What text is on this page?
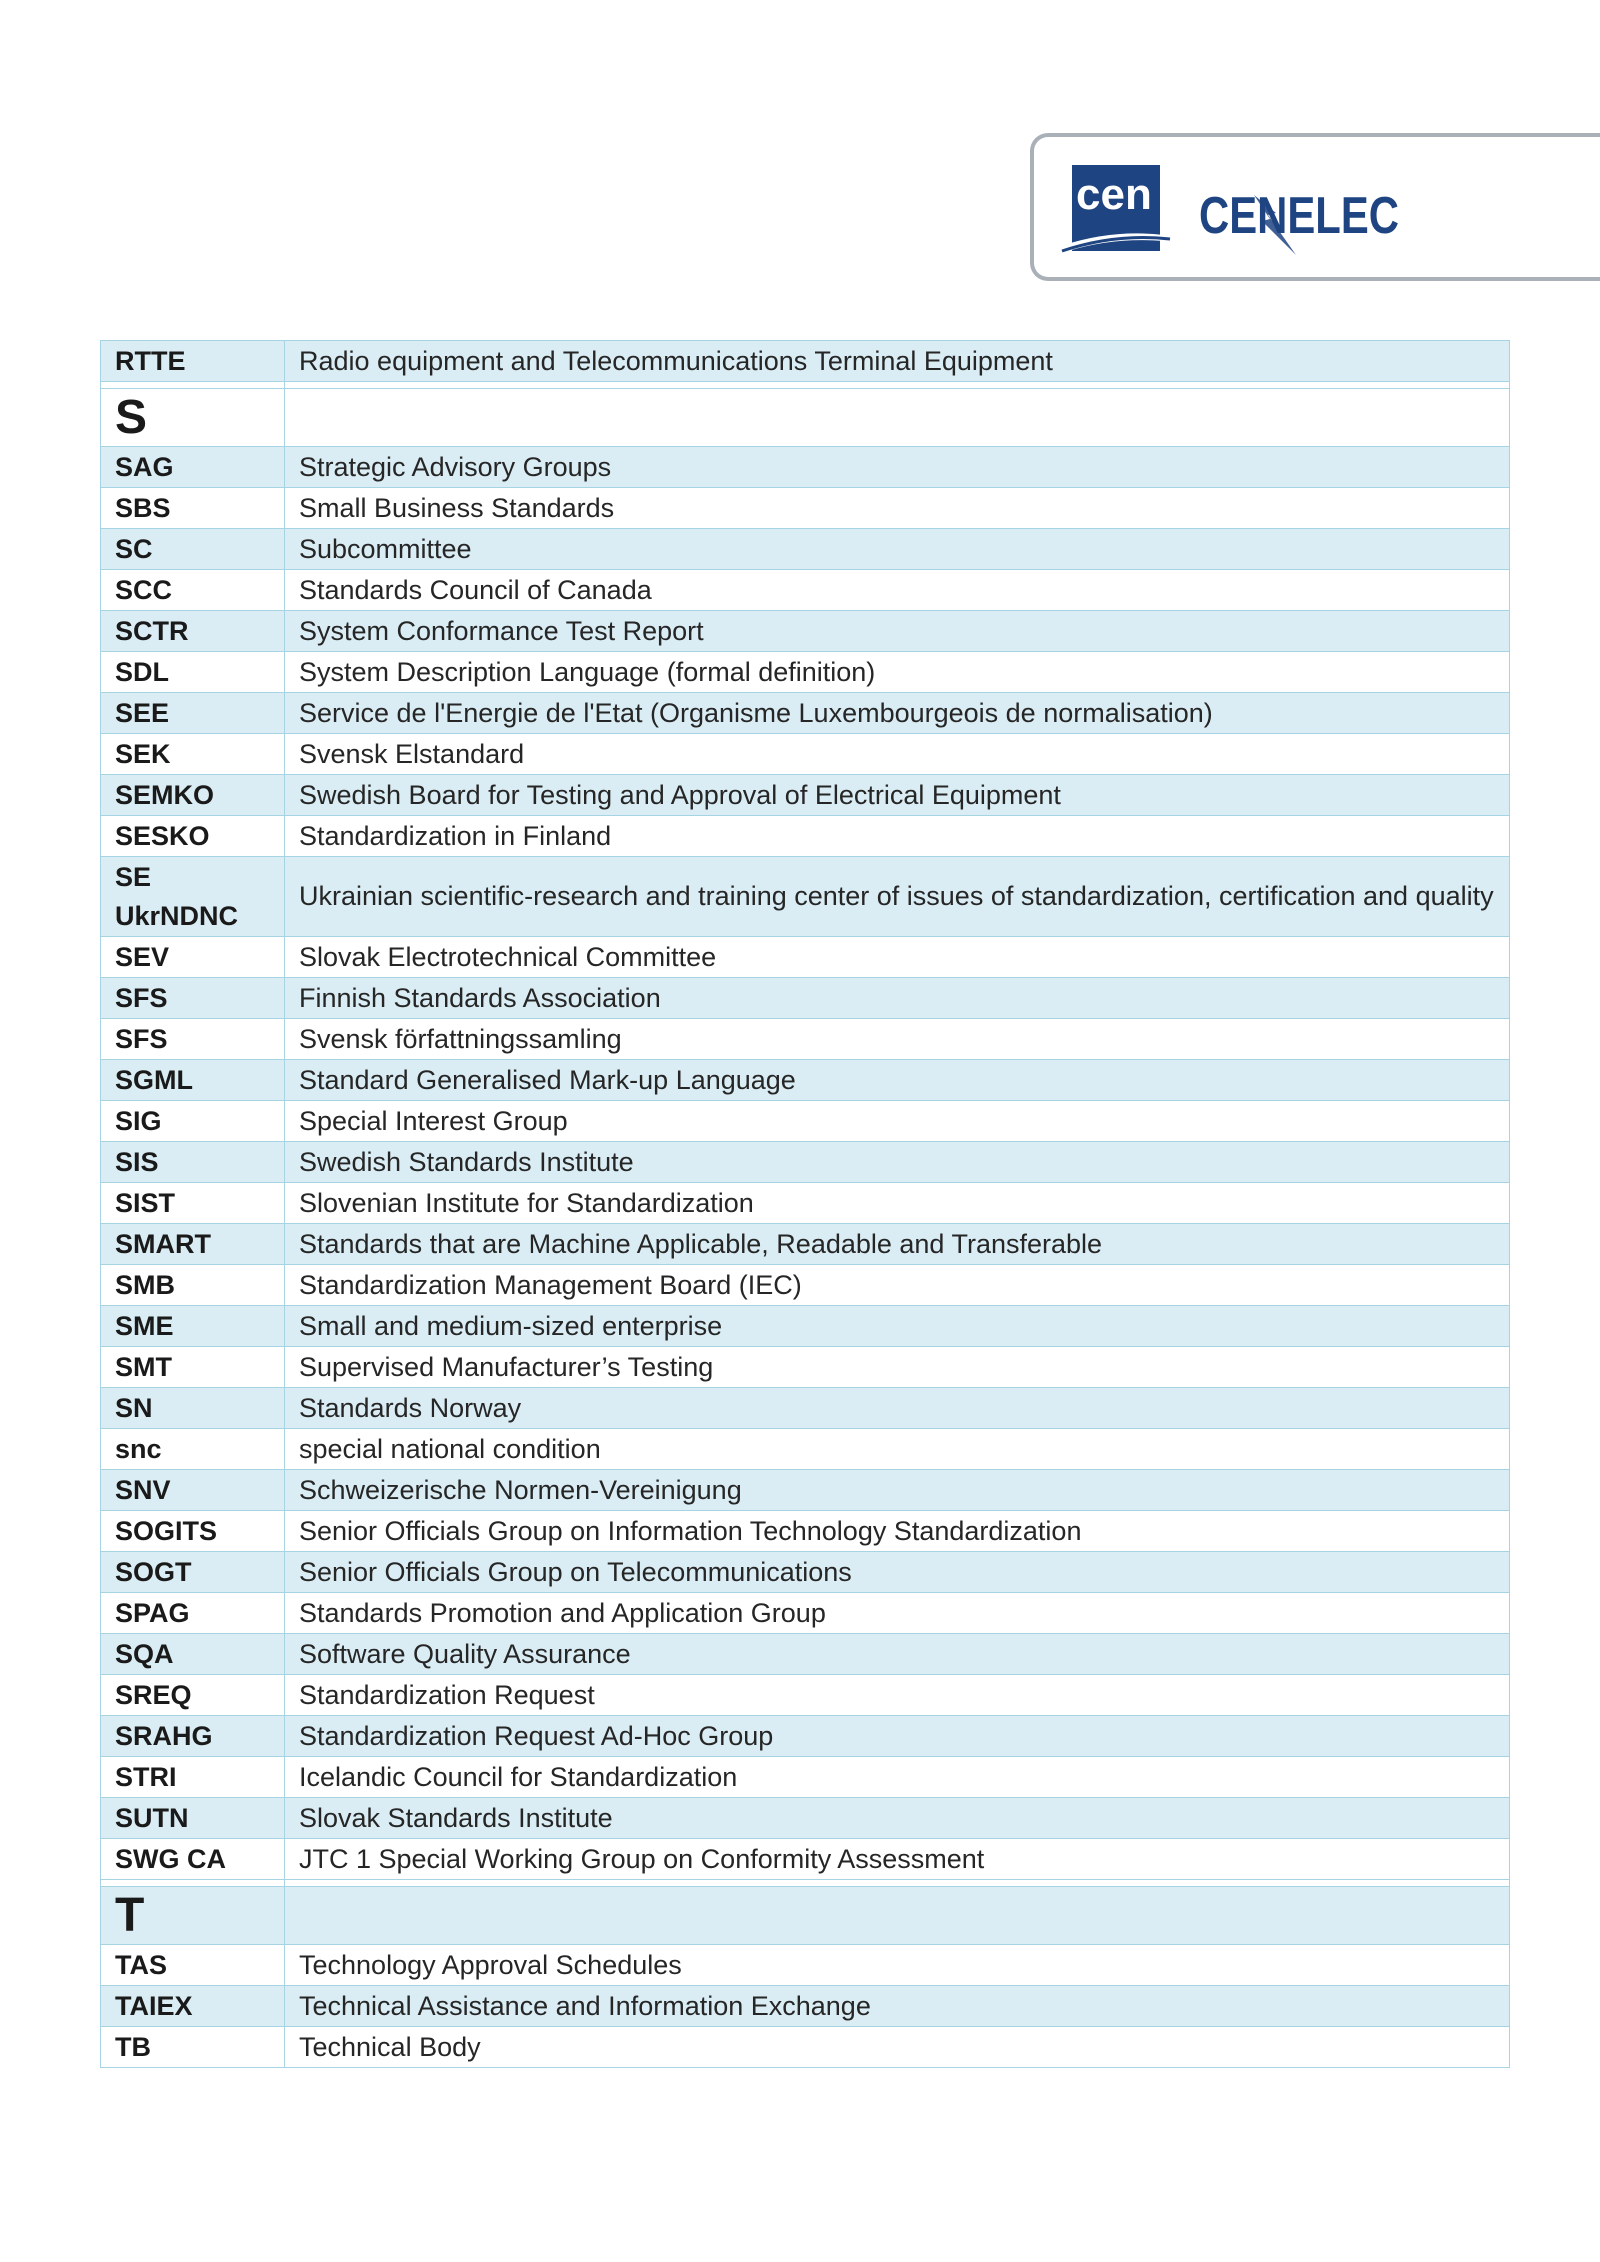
cen CENELEC
RTTE	Radio equipment and Telecommunications Terminal Equipment

S	
SAG	Strategic Advisory Groups
SBS	Small Business Standards
SC	Subcommittee
SCC	Standards Council of Canada
SCTR	System Conformance Test Report
SDL	System Description Language (formal definition)
SEE	Service de l'Energie de l'Etat (Organisme Luxembourgeois de normalisation)
SEK	Svensk Elstandard
SEMKO	Swedish Board for Testing and Approval of Electrical Equipment
SESKO	Standardization in Finland
SE UkrNDNC	Ukrainian scientific-research and training center of issues of standardization, certification and quality
SEV	Slovak Electrotechnical Committee
SFS	Finnish Standards Association
SFS	Svensk författningssamling
SGML	Standard Generalised Mark-up Language
SIG	Special Interest Group
SIS	Swedish Standards Institute
SIST	Slovenian Institute for Standardization
SMART	Standards that are Machine Applicable, Readable and Transferable
SMB	Standardization Management Board (IEC)
SME	Small and medium-sized enterprise
SMT	Supervised Manufacturer’s Testing
SN	Standards Norway
snc	special national condition
SNV	Schweizerische Normen-Vereinigung
SOGITS	Senior Officials Group on Information Technology Standardization
SOGT	Senior Officials Group on Telecommunications
SPAG	Standards Promotion and Application Group
SQA	Software Quality Assurance
SREQ	Standardization Request
SRAHG	Standardization Request Ad-Hoc Group
STRI	Icelandic Council for Standardization
SUTN	Slovak Standards Institute
SWG CA	JTC 1 Special Working Group on Conformity Assessment

T	
TAS	Technology Approval Schedules
TAIEX	Technical Assistance and Information Exchange
TB	Technical Body
